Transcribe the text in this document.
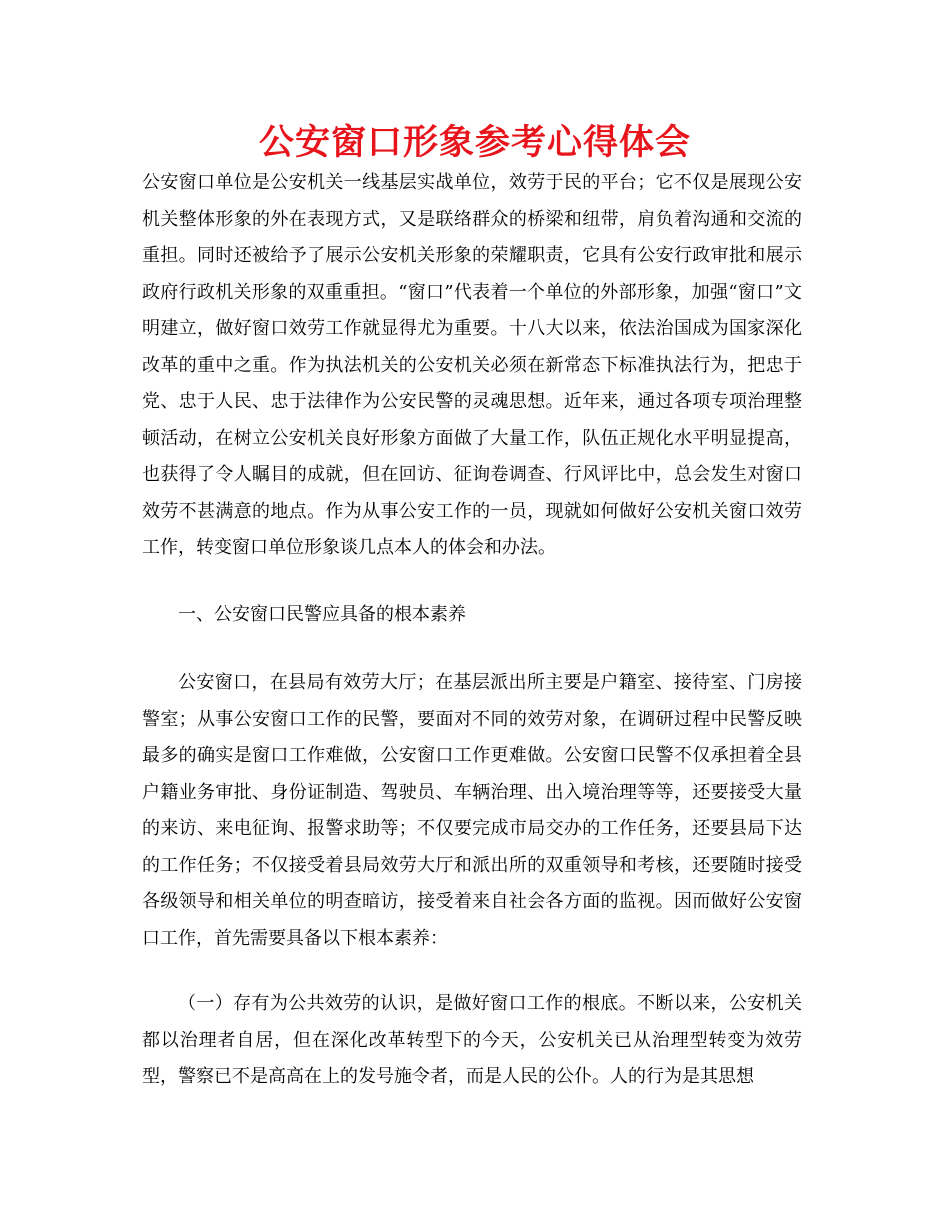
公安窗口形象参考心得体会

公安窗口单位是公安机关一线基层实战单位，效劳于民的平台；它不仅是展现公安机关整体形象的外在表现方式，又是联络群众的桥梁和纽带，肩负着沟通和交流的重担。同时还被给予了展示公安机关形象的荣耀职责，它具有公安行政审批和展示政府行政机关形象的双重重担。“窗口”代表着一个单位的外部形象，加强“窗口”文明建立，做好窗口效劳工作就显得尤为重要。十八大以来，依法治国成为国家深化改革的重中之重。作为执法机关的公安机关必须在新常态下标准执法行为，把忠于党、忠于人民、忠于法律作为公安民警的灵魂思想。近年来，通过各项专项治理整顿活动，在树立公安机关良好形象方面做了大量工作，队伍正规化水平明显提高，也获得了令人瞩目的成就，但在回访、征询卷调查、行风评比中，总会发生对窗口效劳不甚满意的地点。作为从事公安工作的一员，现就如何做好公安机关窗口效劳工作，转变窗口单位形象谈几点本人的体会和办法。

一、公安窗口民警应具备的根本素养

公安窗口，在县局有效劳大厅；在基层派出所主要是户籍室、接待室、门房接警室；从事公安窗口工作的民警，要面对不同的效劳对象，在调研过程中民警反映最多的确实是窗口工作难做，公安窗口工作更难做。公安窗口民警不仅承担着全县户籍业务审批、身份证制造、驾驶员、车辆治理、出入境治理等等，还要接受大量的来访、来电征询、报警求助等；不仅要完成市局交办的工作任务，还要县局下达的工作任务；不仅接受着县局效劳大厅和派出所的双重领导和考核，还要随时接受各级领导和相关单位的明查暗访，接受着来自社会各方面的监视。因而做好公安窗口工作，首先需要具备以下根本素养：

（一）存有为公共效劳的认识，是做好窗口工作的根底。不断以来，公安机关都以治理者自居，但在深化改革转型下的今天，公安机关已从治理型转变为效劳型，警察已不是高高在上的发号施令者，而是人民的公仆。人的行为是其思想
